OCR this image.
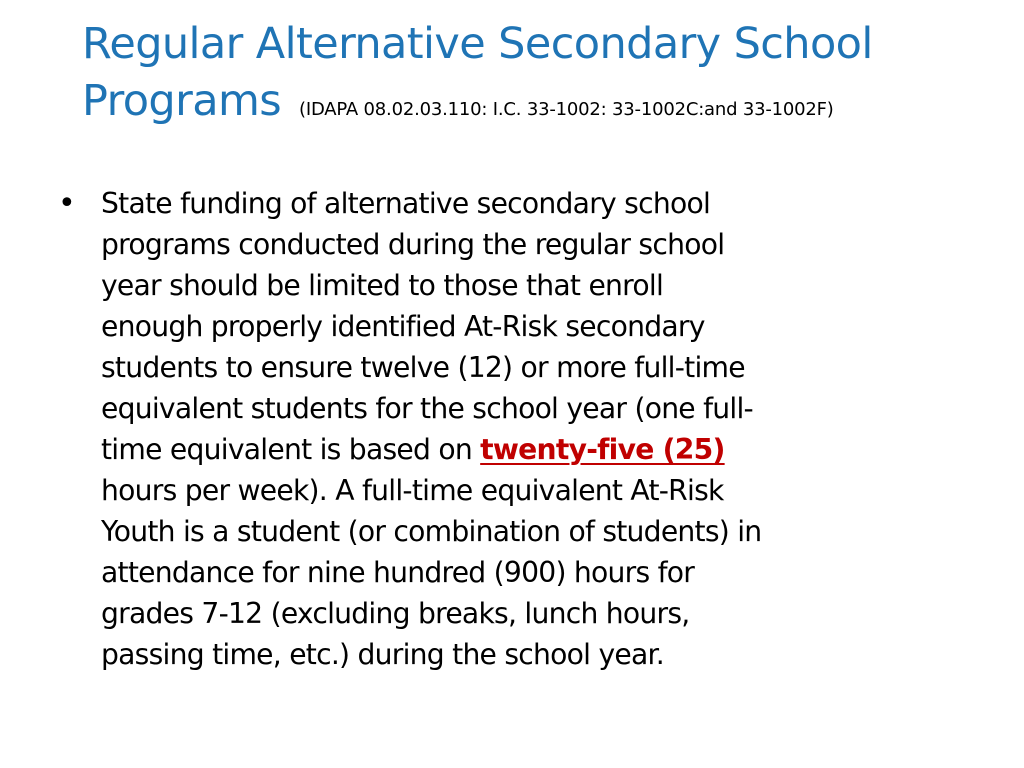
Regular Alternative Secondary School
Programs (IDAPA 08.02.03.110: I.C. 33-1002: 33-1002C:and 33-1002F)
• State funding of alternative secondary school
programs conducted during the regular school
year should be limited to those that enroll
enough properly identified At-Risk secondary
students to ensure twelve (12) or more full-time
equivalent students for the school year (one full-
time equivalent is based on twenty-five (25)
hours per week). A full-time equivalent At-Risk
Youth is a student (or combination of students) in
attendance for nine hundred (900) hours for
grades 7-12 (excluding breaks, lunch hours,
passing time, etc.) during the school year.
